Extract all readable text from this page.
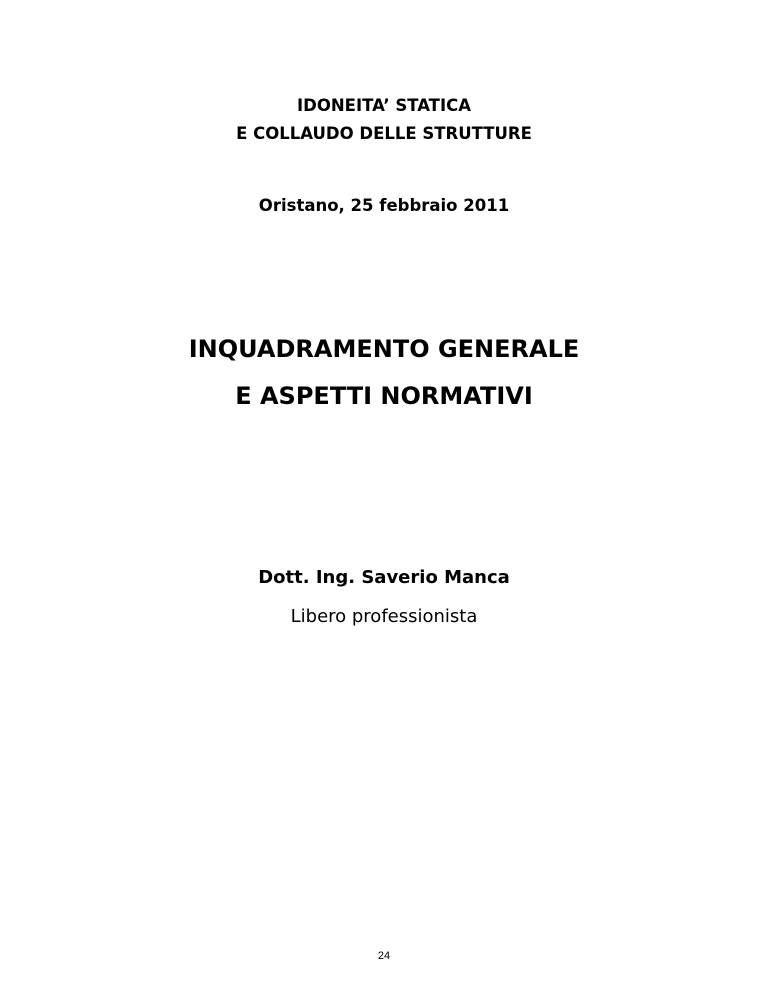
IDONEITA’ STATICA
E COLLAUDO DELLE STRUTTURE
Oristano, 25 febbraio 2011
INQUADRAMENTO GENERALE
E ASPETTI NORMATIVI
Dott. Ing. Saverio Manca
Libero professionista
24
